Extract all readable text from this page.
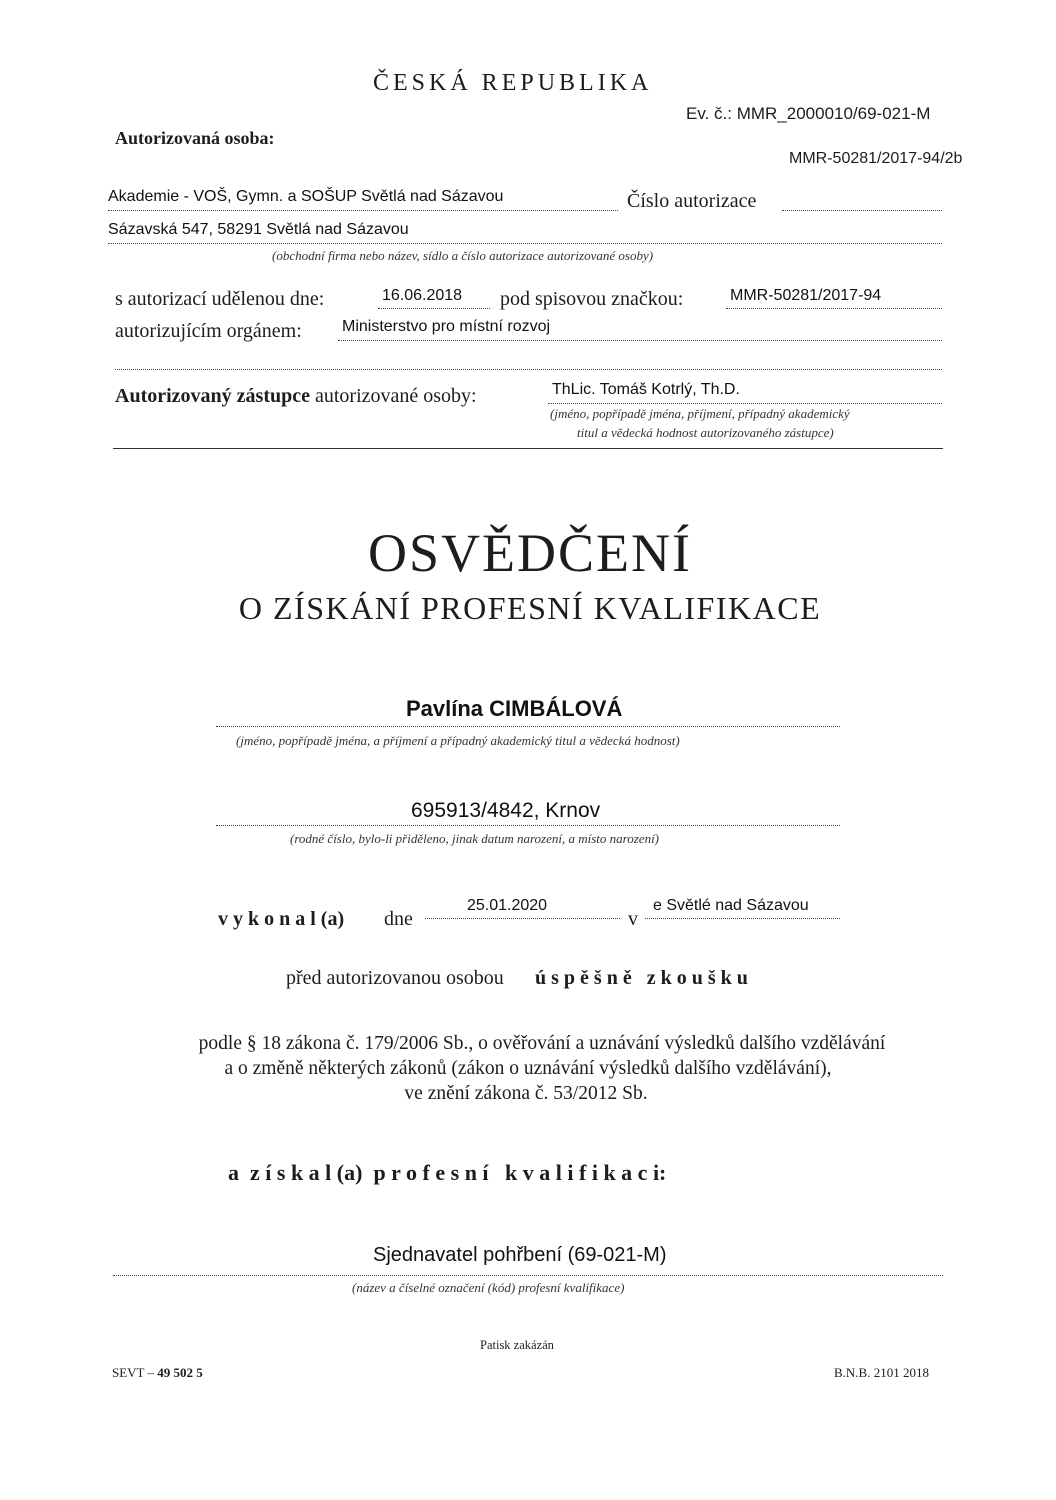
ČESKÁ REPUBLIKA
Ev. č.: MMR_2000010/69-021-M
MMR-50281/2017-94/2b
Autorizovaná osoba:
Akademie - VOŠ, Gymn. a SOŠUP Světlá nad Sázavou	Číslo autorizace
Sázavská 547, 58291 Světlá nad Sázavou
(obchodní firma nebo název, sídlo a číslo autorizace autorizované osoby)
s autorizací udělenou dne:	16.06.2018 pod spisovou značkou:	MMR-50281/2017-94
autorizujícím orgánem:	Ministerstvo pro místní rozvoj
Autorizovaný zástupce autorizované osoby:	ThLic. Tomáš Kotrlý, Th.D.
(jméno, popřípadě jména, příjmení, případný akademický
titul a vědecká hodnost autorizovaného zástupce)
OSVĚDČENÍ
O ZÍSKÁNÍ PROFESNÍ KVALIFIKACE
Pavlína CIMBÁLOVÁ
(jméno, popřípadě jména, a příjmení a případný akademický titul a vědecká hodnost)
695913/4842, Krnov
(rodné číslo, bylo-li přiděleno, jinak datum narození, a místo narození)
v y k o n a l (a) dne
25.01.2020
v
e Světlé nad Sázavou
před autorizovanou osobou ú s p ě š n ě   z k o u š k u
podle § 18 zákona č. 179/2006 Sb., o ověřování a uznávání výsledků dalšího vzdělávání
a o změně některých zákonů (zákon o uznávání výsledků dalšího vzdělávání),
ve znění zákona č. 53/2012 Sb.
a  z í s k a l (a)  p r o f e s n í   k v a l i f i k a c i:
Sjednavatel pohřbení (69-021-M)
(název a číselné označení (kód) profesní kvalifikace)
Patisk zakázán
SEVT – 49 502 5	B.N.B. 2101 2018
